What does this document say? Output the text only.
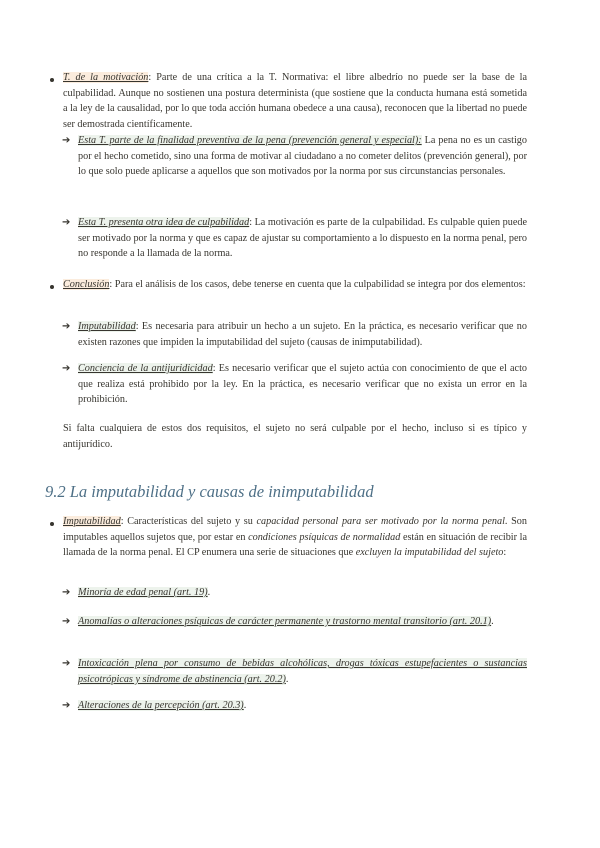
T. de la motivación: Parte de una crítica a la T. Normativa: el libre albedrío no puede ser la base de la culpabilidad. Aunque no sostienen una postura determinista (que sostiene que la conducta humana está sometida a la ley de la causalidad, por lo que toda acción humana obedece a una causa), reconocen que la libertad no puede ser demostrada científicamente.
➔ Esta T. parte de la finalidad preventiva de la pena (prevención general y especial): La pena no es un castigo por el hecho cometido, sino una forma de motivar al ciudadano a no cometer delitos (prevención general), por lo que solo puede aplicarse a aquellos que son motivados por la norma por sus circunstancias personales.
➔ Esta T. presenta otra idea de culpabilidad: La motivación es parte de la culpabilidad. Es culpable quien puede ser motivado por la norma y que es capaz de ajustar su comportamiento a lo dispuesto en la norma penal, pero no responde a la llamada de la norma.
Conclusión: Para el análisis de los casos, debe tenerse en cuenta que la culpabilidad se integra por dos elementos:
➔ Imputabilidad: Es necesaria para atribuir un hecho a un sujeto. En la práctica, es necesario verificar que no existen razones que impiden la imputabilidad del sujeto (causas de inimputabilidad).
➔ Conciencia de la antijuridicidad: Es necesario verificar que el sujeto actúa con conocimiento de que el acto que realiza está prohibido por la ley. En la práctica, es necesario verificar que no exista un error en la prohibición.
Si falta cualquiera de estos dos requisitos, el sujeto no será culpable por el hecho, incluso si es típico y antijurídico.
9.2 La imputabilidad y causas de inimputabilidad
Imputabilidad: Características del sujeto y su capacidad personal para ser motivado por la norma penal. Son imputables aquellos sujetos que, por estar en condiciones psíquicas de normalidad están en situación de recibir la llamada de la norma penal. El CP enumera una serie de situaciones que excluyen la imputabilidad del sujeto:
➔ Minoría de edad penal (art. 19).
➔ Anomalías o alteraciones psíquicas de carácter permanente y trastorno mental transitorio (art. 20.1).
➔ Intoxicación plena por consumo de bebidas alcohólicas, drogas tóxicas estupefacientes o sustancias psicotrópicas y síndrome de abstinencia (art. 20.2).
➔ Alteraciones de la percepción (art. 20.3).
